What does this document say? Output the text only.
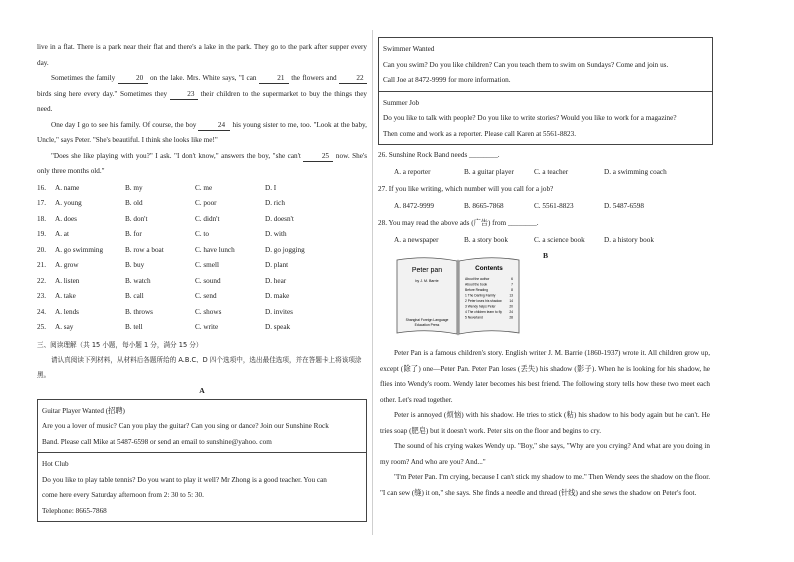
live in a flat. There is a park near their flat and there's a lake in the park. They go to the park after supper every day.

Sometimes the family	20 on the lake. Mrs. White says, "I can	21 the flowers and 22 birds sing here every day." Sometimes they 23 their children to the supermarket to buy the things they need.

One day I go to see his family. Of course, the boy	24 his young sister to me, too. "Look at the baby, Uncle," says Peter. "She's beautiful. I think she looks like me!"

"Does she like playing with you?" I ask. "I don't know," answers the boy, "she can't	25 now. She's only three months old."

16.	A. name	B. my	C. me	D. I
17.	A. young	B. old	C. poor	D. rich
18.	A. does	B. don't	C. didn't	D. doesn't
19.	A. at	B. for	C. to	D. with
20.	A. go swimming	B. row a boat	C. have lunch	D. go jogging
21.	A. grow	B. buy	C. smell	D. plant
22.	A. listen	B. watch	C. sound	D. hear
23.	A. take	B. call	C. send	D. make
24.	A. lends	B. throws	C. shows	D. invites
25.	A. say	B. tell	C. write	D. speak
三、阅读理解（共 15 小题，每小题 1 分，满分 15 分）

请认真阅读下列材料，从材料后各题所给的 A.B.C、D 四个选项中，选出最佳选项，并在答题卡上将该项涂黑。

A
Guitar Player Wanted (招聘)
Are you a lover of music? Can you play the guitar? Can you sing or dance? Join our Sunshine Rock
Band. Please call Mike at 5487-6598 or send an email to sunshine@yahoo. com
Hot Club
Do you like to play table tennis? Do you want to play it well? Mr Zhong is a good teacher. You can
come here every Saturday afternoon from 2: 30 to 5: 30.
Telephone: 8665-7868
Swimmer Wanted
Can you swim? Do you like children? Can you teach them to swim on Sundays? Come and join us.
Call Joe at 8472-9999 for more information.
Summer Job
Do you like to talk with people? Do you like to write stories? Would you like to work for a magazine?
Then come and work as a reporter. Please call Karen at 5561-8823.
26. Sunshine Rock Band needs ________.
A. a reporter	B. a guitar player	C. a teacher	D. a swimming coach
27. If you like writing, which number will you call for a job?
A. 8472-9999	B. 8665-7868	C. 5561-8823	D. 5487-6598
28. You may read the above ads (广告) from ________.
A. a newspaper	B. a story book	C. a science book	D. a history book
B
Peter pan
by J. M. Barrie
Shanghai Foreign Language
Education Press
Contents
About the author	6
About the book	7
Before Reading	8
1 The Darling Family	13
2 Peter loses his shadow 14
3 Wendy helps Peter	20
4 The children learn to fly 24
5 Neverland	28

Peter Pan is a famous children's story. English writer J. M. Barrie (1860-1937) wrote it. All children grow up, except (除了) one—Peter Pan. Peter Pan loses (丢失) his shadow (影子). When he is looking for his shadow, he flies into Wendy's room. Wendy later becomes his best friend. The following story tells how these two meet each other. Let's read together.

Peter is annoyed (烦恼) with his shadow. He tries to stick (粘) his shadow to his body again but he can't. He tries soap (肥皂) but it doesn't work. Peter sits on the floor and begins to cry.

The sound of his crying wakes Wendy up. "Boy," she says, "Why are you crying? And what are you doing in my room? And who are you? And..."

"I'm Peter Pan. I'm crying, because I can't stick my shadow to me." Then Wendy sees the shadow on the floor. "I can sew (缝) it on," she says. She finds a needle and thread (针线) and she sews the shadow on Peter's foot.
